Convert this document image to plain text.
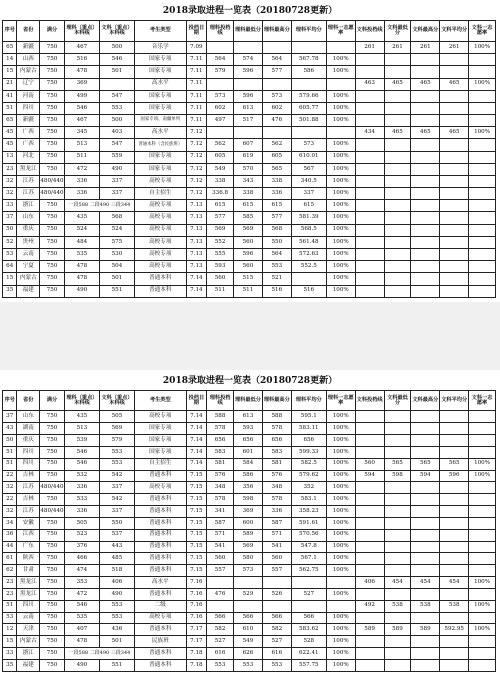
2018录取进程一览表（20180728更新）
序号	省份	满分	理科（重点）本科线	文科（重点）本科线	考生类型	投档日期	理科投档线	理科最低分	理科最高分	理科平均分	理科一志愿率	文科投档线	文科最低分	文科最高分	文科平均分	文科一志愿率
65	新疆	750	467	500	音乐学	7.09						261	261	261	261	100%
14	山西	750	516	546	国家专项	7.11	564	574	564	567.78	100%					
15	内蒙古	750	478	501	国家专项	7.11	579	596	577	586	100%					
21	辽宁	750	369		高水平	7.11						463	465	465	465	100%
41	河南	750	499	547	国家专项	7.11	573	596	573	579.66	100%					
51	四川	750	546	553	国家专项	7.11	602	613	602	605.77	100%					
65	新疆	750	467	500	国家专项、南疆单列	7.11	497	517	476	501.88	100%					
45	广西	750	345	403	高水平	7.12						434	465	465	465	100%
45	广西	750	513	547	普通本科（含民族班）	7.12	562	607	562	573	100%					
13	河北	750	511	559	国家专项	7.12	605	619	605	610.01	100%					
23	黑龙江	750	472	490	国家专项	7.12	549	570	565	567	100%					
32	江苏	480/440	336	337	高校专项	7.12	338	343	338	340.5	100%					
32	江苏	480/440	336	337	自主招生	7.12	336.8	338	336	337	100%					
33	浙江	750	一段588 二段490 三段344		高校专项	7.13	615	615	615	615	100%					
37	山东	750	435	568	高校专项	7.13	577	585	577	581.39	100%					
50	重庆	750	524	524	高校专项	7.13	569	569	568	568.5	100%					
52	贵州	750	484	575	高校专项	7.13	552	560	550	561.48	100%					
53	云南	750	535	530	高校专项	7.13	555	596	564	572.63	100%					
64	宁夏	750	478	504	高校专项	7.13	593	560	553	552.5	100%					
15	内蒙古	750	478	501	普通本科	7.14	560	515	521		100%					
35	福建	750	490	551	普通本科	7.14	511	511	516	516	100%					
2018录取进程一览表（20180728更新）
序号	省份	满分	理科（重点）本科线	文科（重点）本科线	考生类型	投档日期	理科投档线	理科最低分	理科最高分	理科平均分	理科一志愿率	文科投档线	文科最低分	文科最高分	文科平均分	文科一志愿率
37	山东	750	435	505	高校专项	7.14	588	613	588	595.1	100%					
43	湖南	750	513	569	国家专项	7.14	578	593	578	583.11	100%					
50	重庆	750	539	579	国家专项	7.14	656	656	656	656	100%					
51	四川	750	546	553	国家专项	7.14	583	601	583	599.33	100%					
51	四川	750	546	553	自主招生	7.14	581	584	581	582.5	100%	560	565	565	565	100%
22	吉林	750	532	542	普通本科	7.15	576	586	576	579.62	100%	594	598	594	596	100%
32	江苏	480/440	336	337	高校专项	7.15	348	356	348	352	100%					
22	吉林	750	533	542	普通本科	7.15	578	598	578	583.1	100%					
32	江苏	480/440	336	337	普通本科	7.15	341	369	336	358.23	100%					
34	安徽	750	505	550	普通本科	7.15	587	600	587	591.61	100%					
36	江西	750	523	537	普通本科	7.15	571	589	571	570.56	100%					
44	广东	750	376	443	普通本科	7.15	541	569	541	547.8	100%					
61	陕西	750	466	485	普通本科	7.15	560	580	560	567.1	100%					
62	甘肃	750	474	518	普通本科	7.15	557	573	557	562.75	100%					
23	黑龙江	750	353	406	高水平	7.16						406	454	454	454	100%
23	黑龙江	750	472	490	普通本科	7.16	476	529	526	527	100%					
51	四川	750	546	553	二级	7.16						492	538	538	538	100%
53	云南	750	535	553	高校专项	7.16	566	566	566	566	100%					
12	天津	750	407	436	普通本科	7.17	582	610	582	583.62	100%	589	589	589	592.95	100%
15	内蒙古	750	478	501	民族班	7.17	527	549	527	528	100%					
33	浙江	750	一段588 二段490 三段344		普通本科	7.18	616	626	616	622.41	100%					
35	福建	750	490	551	普通本科	7.18	553	553	553	557.75	100%					
